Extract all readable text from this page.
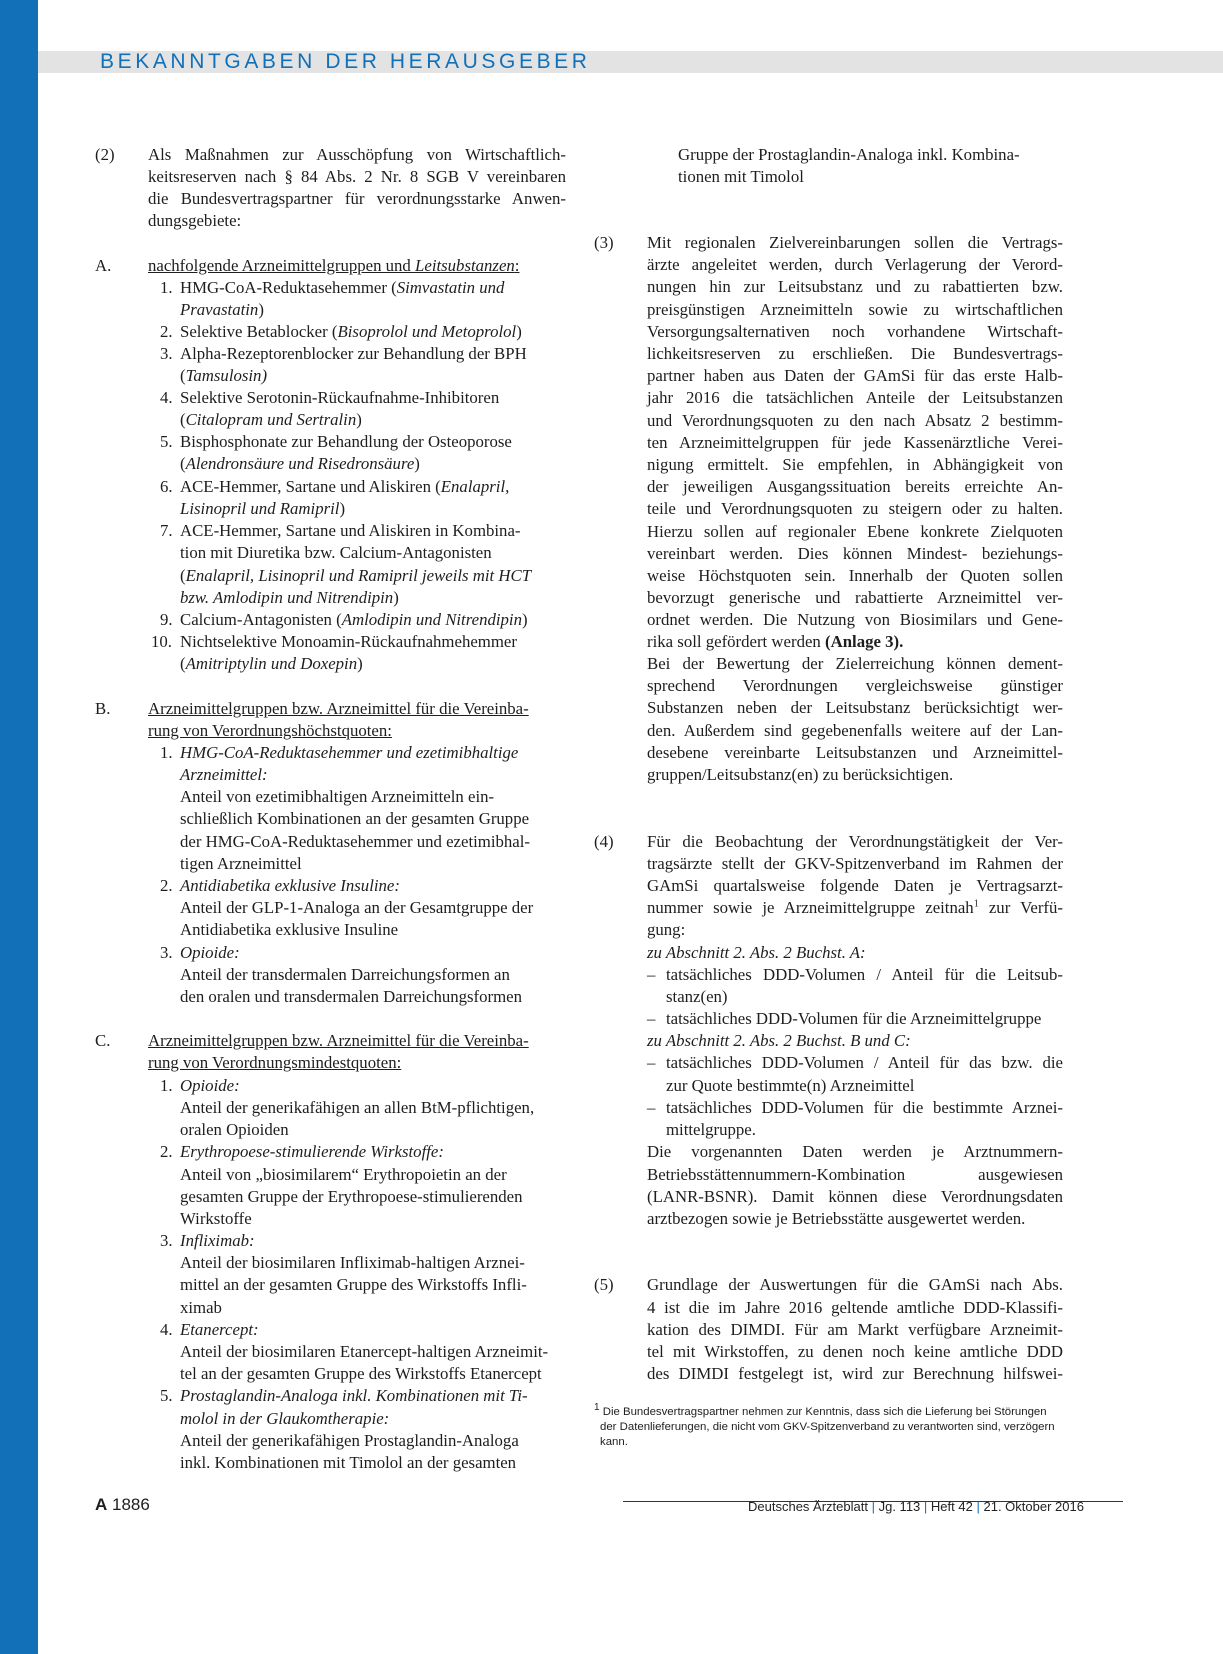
BEKANNTGABEN DER HERAUSGEBER
(2) Als Maßnahmen zur Ausschöpfung von Wirtschaftlich-
keitsreserven nach § 84 Abs. 2 Nr. 8 SGB V vereinbaren
die Bundesvertragspartner für verordnungsstarke Anwen-
dungsgebiete:
A. nachfolgende Arzneimittelgruppen und Leitsubstanzen:
1. HMG-CoA-Reduktasehemmer (Simvastatin und
Pravastatin)
2. Selektive Betablocker (Bisoprolol und Metoprolol)
3. Alpha-Rezeptorenblocker zur Behandlung der BPH
(Tamsulosin)
4. Selektive Serotonin-Rückaufnahme-Inhibitoren
(Citalopram und Sertralin)
5. Bisphosphonate zur Behandlung der Osteoporose
(Alendronsäure und Risedronsäure)
6. ACE-Hemmer, Sartane und Aliskiren (Enalapril,
Lisinopril und Ramipril)
7. ACE-Hemmer, Sartane und Aliskiren in Kombina-
tion mit Diuretika bzw. Calcium-Antagonisten
(Enalapril, Lisinopril und Ramipril jeweils mit HCT
bzw. Amlodipin und Nitrendipin)
9. Calcium-Antagonisten (Amlodipin und Nitrendipin)
10. Nichtselektive Monoamin-Rückaufnahmehemmer
(Amitriptylin und Doxepin)
B. Arzneimittelgruppen bzw. Arzneimittel für die Vereinba-
rung von Verordnungshöchstquoten:
1. HMG-CoA-Reduktasehemmer und ezetimibhaltige
Arzneimittel:
Anteil von ezetimibhaltigen Arzneimitteln ein-
schließlich Kombinationen an der gesamten Gruppe
der HMG-CoA-Reduktasehemmer und ezetimibhal-
tigen Arzneimittel
2. Antidiabetika exklusive Insuline:
Anteil der GLP-1-Analoga an der Gesamtgruppe der
Antidiabetika exklusive Insuline
3. Opioide:
Anteil der transdermalen Darreichungsformen an
den oralen und transdermalen Darreichungsformen
C. Arzneimittelgruppen bzw. Arzneimittel für die Vereinba-
rung von Verordnungsmindestquoten:
1. Opioide:
Anteil der generikafähigen an allen BtM-pflichtigen,
oralen Opioiden
2. Erythropoese-stimulierende Wirkstoffe:
Anteil von „biosimilarem“ Erythropoietin an der
gesamten Gruppe der Erythropoese-stimulierenden
Wirkstoffe
3. Infliximab:
Anteil der biosimilaren Infliximab-haltigen Arznei-
mittel an der gesamten Gruppe des Wirkstoffs Infli-
ximab
4. Etanercept:
Anteil der biosimilaren Etanercept-haltigen Arzneimit-
tel an der gesamten Gruppe des Wirkstoffs Etanercept
5. Prostaglandin-Analoga inkl. Kombinationen mit Ti-
molol in der Glaukomtherapie:
Anteil der generikafähigen Prostaglandin-Analoga
inkl. Kombinationen mit Timolol an der gesamten
Gruppe der Prostaglandin-Analoga inkl. Kombina-
tionen mit Timolol
(3) Mit regionalen Zielvereinbarungen sollen die Vertrags-
ärzte angeleitet werden, durch Verlagerung der Verord-
nungen hin zur Leitsubstanz und zu rabattierten bzw.
preisgünstigen Arzneimitteln sowie zu wirtschaftlichen
Versorgungsalternativen noch vorhandene Wirtschaft-
lichkeitsreserven zu erschließen. Die Bundesvertrags-
partner haben aus Daten der GAmSi für das erste Halb-
jahr 2016 die tatsächlichen Anteile der Leitsubstanzen
und Verordnungsquoten zu den nach Absatz 2 bestimm-
ten Arzneimittelgruppen für jede Kassenärztliche Verei-
nigung ermittelt. Sie empfehlen, in Abhängigkeit von
der jeweiligen Ausgangssituation bereits erreichte An-
teile und Verordnungsquoten zu steigern oder zu halten.
Hierzu sollen auf regionaler Ebene konkrete Zielquoten
vereinbart werden. Dies können Mindest- beziehungs-
weise Höchstquoten sein. Innerhalb der Quoten sollen
bevorzugt generische und rabattierte Arzneimittel ver-
ordnet werden. Die Nutzung von Biosimilars und Gene-
rika soll gefördert werden (Anlage 3).
Bei der Bewertung der Zielerreichung können dement-
sprechend Verordnungen vergleichsweise günstiger
Substanzen neben der Leitsubstanz berücksichtigt wer-
den. Außerdem sind gegebenenfalls weitere auf der Lan-
desebene vereinbarte Leitsubstanzen und Arzneimittel-
gruppen/Leitsubstanz(en) zu berücksichtigen.
(4) Für die Beobachtung der Verordnungstätigkeit der Ver-
tragsärzte stellt der GKV-Spitzenverband im Rahmen der
GAmSi quartalsweise folgende Daten je Vertragsarzt-
nummer sowie je Arzneimittelgruppe zeitnah$^1$ zur Verfü-
gung:
zu Abschnitt 2. Abs. 2 Buchst. A:
– tatsächliches DDD-Volumen / Anteil für die Leitsub-
stanz(en)
– tatsächliches DDD-Volumen für die Arzneimittelgruppe
zu Abschnitt 2. Abs. 2 Buchst. B und C:
– tatsächliches DDD-Volumen / Anteil für das bzw. die
zur Quote bestimmte(n) Arzneimittel
– tatsächliches DDD-Volumen für die bestimmte Arznei-
mittelgruppe.
Die vorgenannten Daten werden je Arztnummern-
Betriebsstättennummern-Kombination ausgewiesen
(LANR-BSNR). Damit können diese Verordnungsdaten
arztbezogen sowie je Betriebsstätte ausgewertet werden.
(5) Grundlage der Auswertungen für die GAmSi nach Abs.
4 ist die im Jahre 2016 geltende amtliche DDD-Klassifi-
kation des DIMDI. Für am Markt verfügbare Arzneimit-
tel mit Wirkstoffen, zu denen noch keine amtliche DDD
des DIMDI festgelegt ist, wird zur Berechnung hilfswei-
$^1$ Die Bundesvertragspartner nehmen zur Kenntnis, dass sich die Lieferung bei Störungen
der Datenlieferungen, die nicht vom GKV-Spitzenverband zu verantworten sind, verzögern
kann.
A 1886	Deutsches Ärzteblatt | Jg. 113 | Heft 42 | 21. Oktober 2016
